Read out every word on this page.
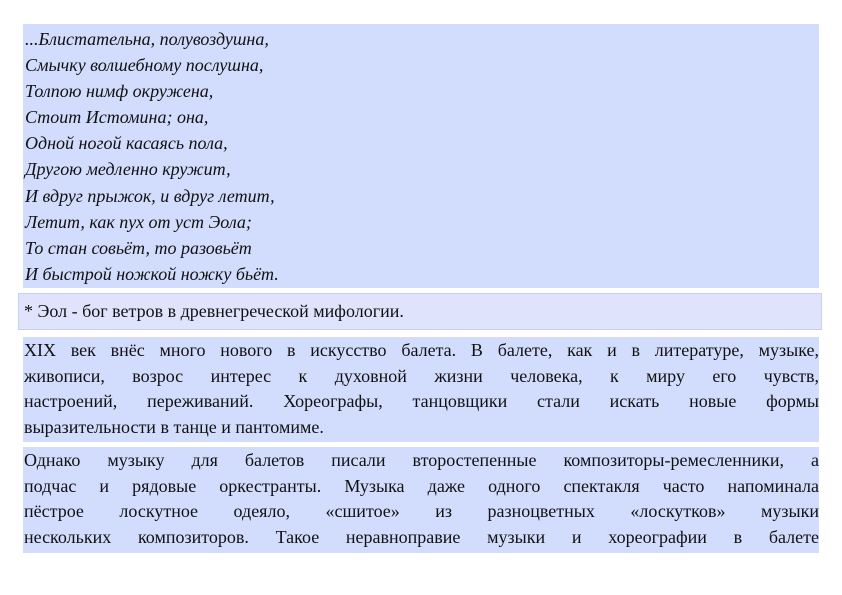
...Блистательна, полувоздушна,
Смычку волшебному послушна,
Толпою нимф окружена,
Стоит Истомина; она,
Одной ногой касаясь пола,
Другою медленно кружит,
И вдруг прыжок, и вдруг летит,
Летит, как пух от уст Эола;
То стан совьёт, то разовьёт
И быстрой ножкой ножку бьёт.
* Эол - бог ветров в древнегреческой мифологии.
XIX век внёс много нового в искусство балета. В балете, как и в литературе, музыке,
живописи, возрос интерес к духовной жизни человека, к миру его чувств,
настроений, переживаний. Хореографы, танцовщики стали искать новые формы
выразительности в танце и пантомиме.
Однако музыку для балетов писали второстепенные композиторы-ремесленники, а
подчас и рядовые оркестранты. Музыка даже одного спектакля часто напоминала
пёстрое лоскутное одеяло, «сшитое» из разноцветных «лоскутков» музыки
нескольких композиторов. Такое неравноправие музыки и хореографии в балете
